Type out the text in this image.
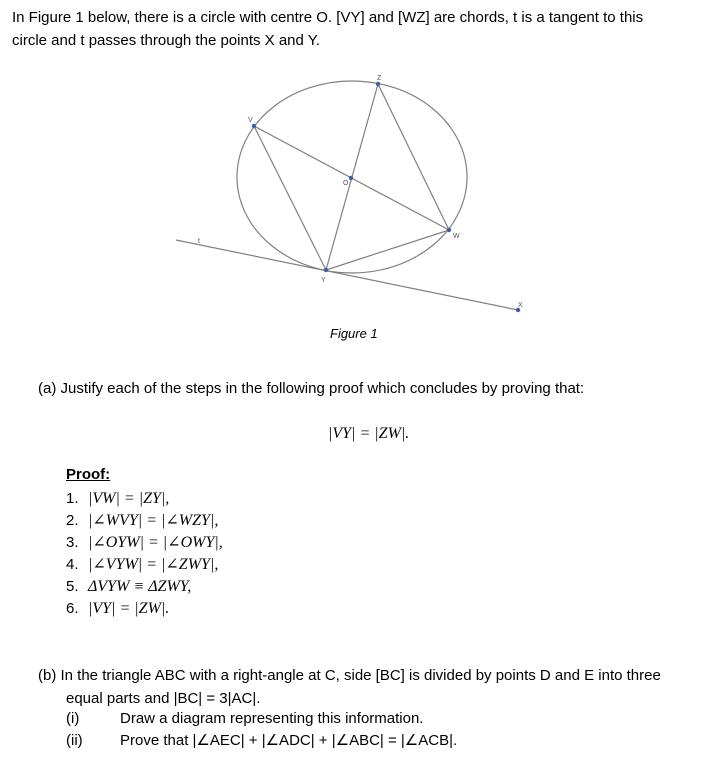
In Figure 1 below, there is a circle with centre O. [VY] and [WZ] are chords, t is a tangent to this
circle and t passes through the points X and Y.
V
Z
O
W
Y
X
t
Figure 1
(a) Justify each of the steps in the following proof which concludes by proving that:
|VY| = |ZW|.
Proof:
1. |VW| = |ZY|,
2. |∠WVY| = |∠WZY|,
3. |∠OYW| = |∠OWY|,
4. |∠VYW| = |∠ZWY|,
5. ΔVYW ≡ ΔZWY,
6. |VY| = |ZW|.
(b) In the triangle ABC with a right-angle at C, side [BC] is divided by points D and E into three
equal parts and |BC| = 3|AC|.
(i)	Draw a diagram representing this information.
(ii) Prove that |∠AEC| + |∠ADC| + |∠ABC| = |∠ACB|.
